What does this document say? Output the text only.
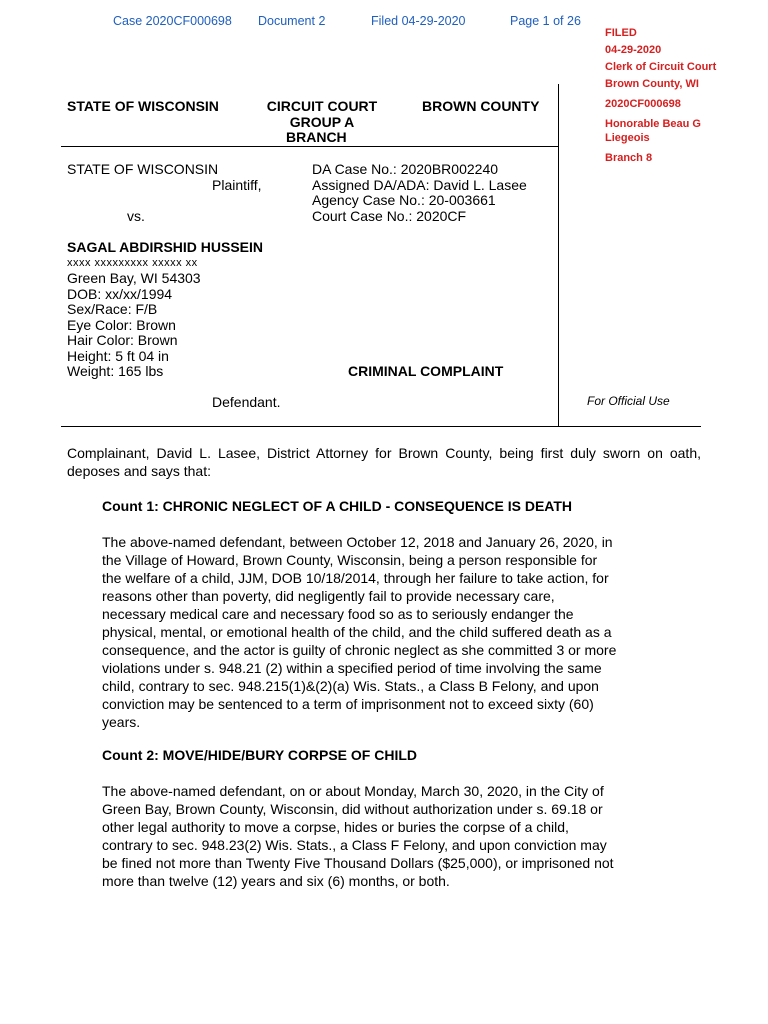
Case 2020CF000698 Document 2	Filed 04-29-2020	Page 1 of 26
FILED
04-29-2020
Clerk of Circuit Court
Brown County, WI
2020CF000698
Honorable Beau G
Liegeois
Branch 8
STATE OF WISCONSIN	CIRCUIT COURT
GROUP A
BRANCH
BROWN COUNTY
STATE OF WISCONSIN
Plaintiff,
vs.
SAGAL ABDIRSHID HUSSEIN
xxxx xxxxxxxxx xxxxx xx
Green Bay, WI 54303
DOB: xx/xx/1994
Sex/Race: F/B
Eye Color: Brown
Hair Color: Brown
Height: 5 ft 04 in
Weight: 165 lbs
Defendant.
DA Case No.: 2020BR002240
Assigned DA/ADA: David L. Lasee
Agency Case No.: 20-003661
Court Case No.: 2020CF
CRIMINAL COMPLAINT
For Official Use
Complainant, David L. Lasee, District Attorney for Brown County, being first duly sworn on oath, deposes and says that:
Count 1: CHRONIC NEGLECT OF A CHILD - CONSEQUENCE IS DEATH
The above-named defendant, between October 12, 2018 and January 26, 2020, in
the Village of Howard, Brown County, Wisconsin, being a person responsible for
the welfare of a child, JJM, DOB 10/18/2014, through her failure to take action, for
reasons other than poverty, did negligently fail to provide necessary care,
necessary medical care and necessary food so as to seriously endanger the
physical, mental, or emotional health of the child, and the child suffered death as a
consequence, and the actor is guilty of chronic neglect as she committed 3 or more
violations under s. 948.21 (2) within a specified period of time involving the same
child, contrary to sec. 948.215(1)&(2)(a) Wis. Stats., a Class B Felony, and upon
conviction may be sentenced to a term of imprisonment not to exceed sixty (60)
years.
Count 2: MOVE/HIDE/BURY CORPSE OF CHILD
The above-named defendant, on or about Monday, March 30, 2020, in the City of
Green Bay, Brown County, Wisconsin, did without authorization under s. 69.18 or
other legal authority to move a corpse, hides or buries the corpse of a child,
contrary to sec. 948.23(2) Wis. Stats., a Class F Felony, and upon conviction may
be fined not more than Twenty Five Thousand Dollars ($25,000), or imprisoned not
more than twelve (12) years and six (6) months, or both.
